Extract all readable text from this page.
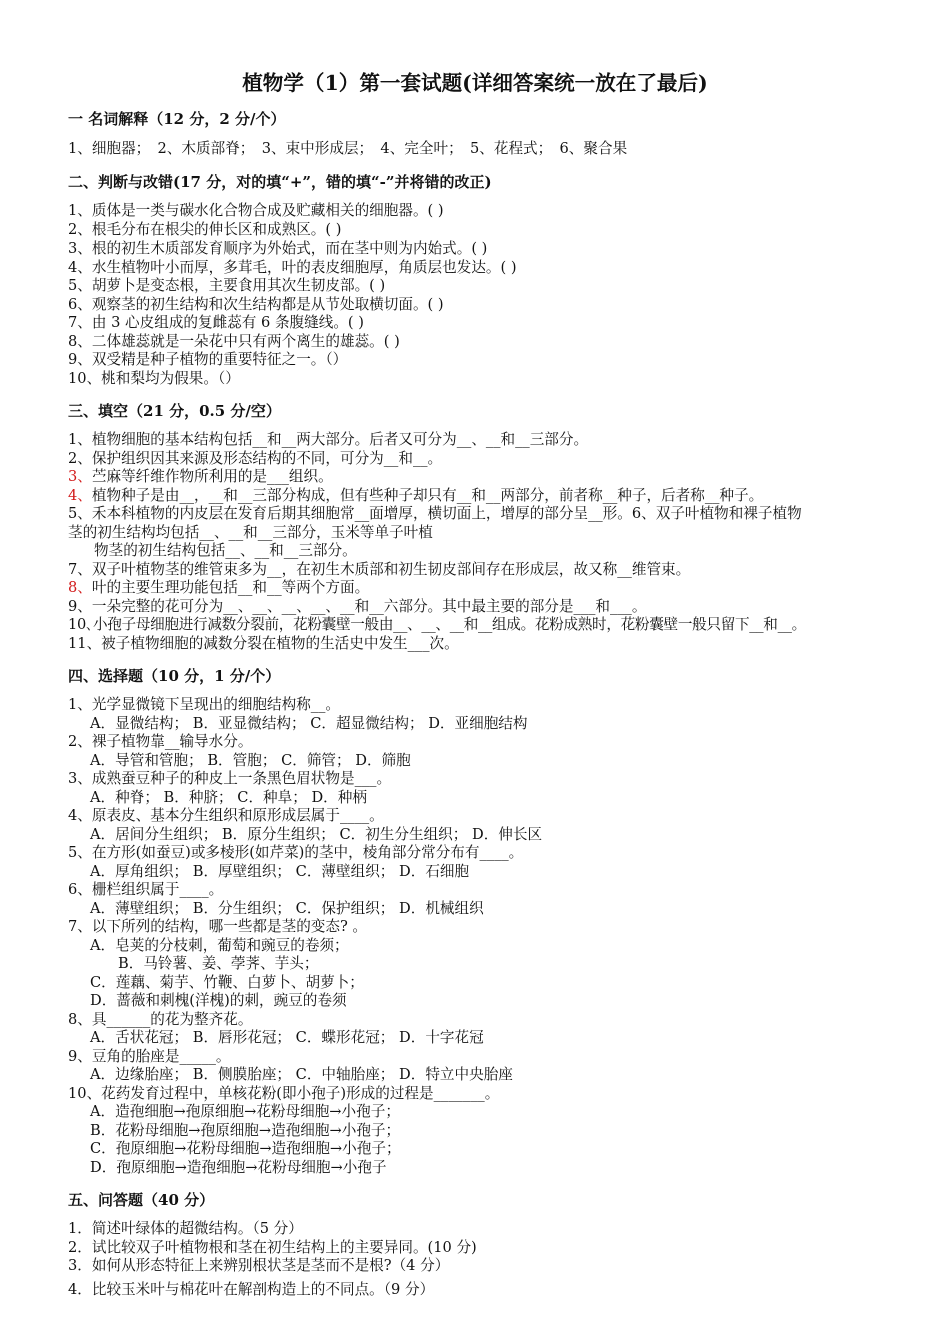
植物学（1）第一套试题(详细答案统一放在了最后)
一 名词解释（12 分，2 分/个）
1、细胞器；　2、木质部脊；　3、束中形成层；　4、完全叶；　5、花程式；　6、聚合果
二、判断与改错(17 分，对的填“+”，错的填“-”并将错的改正)
1、质体是一类与碳水化合物合成及贮藏相关的细胞器。( )
2、根毛分布在根尖的伸长区和成熟区。( )
3、根的初生木质部发育顺序为外始式，而在茎中则为内始式。( )
4、水生植物叶小而厚，多茸毛，叶的表皮细胞厚，角质层也发达。( )
5、胡萝卜是变态根，主要食用其次生韧皮部。( )
6、观察茎的初生结构和次生结构都是从节处取横切面。( )
7、由 3 心皮组成的复雌蕊有 6 条腹缝线。( )
8、二体雄蕊就是一朵花中只有两个离生的雄蕊。( )
9、双受精是种子植物的重要特征之一。（）
10、桃和梨均为假果。（）
三、填空（21 分，0.5 分/空）
1、植物细胞的基本结构包括__和__两大部分。后者又可分为__、__和__三部分。
2、保护组织因其来源及形态结构的不同，可分为__和__。
3、苎麻等纤维作物所利用的是___组织。
4、植物种子是由__，__和__三部分构成，但有些种子却只有__和__两部分，前者称__种子，后者称__种子。
5、禾本科植物的内皮层在发育后期其细胞常__面增厚，横切面上，增厚的部分呈__形。6、双子叶植物和裸子植物
茎的初生结构均包括__、__和__三部分，玉米等单子叶植
物茎的初生结构包括__、__和__三部分。
7、双子叶植物茎的维管束多为__，在初生木质部和初生韧皮部间存在形成层，故又称__维管束。
8、叶的主要生理功能包括__和__等两个方面。
9、一朵完整的花可分为__、__、__、__、__和__六部分。其中最主要的部分是___和___。
10､小孢子母细胞进行减数分裂前，花粉囊壁一般由__、__、__和__组成。花粉成熟时，花粉囊壁一般只留下__和__。
11、被子植物细胞的减数分裂在植物的生活史中发生___次。
四、选择题（10 分，1 分/个）
1、光学显微镜下呈现出的细胞结构称__。
A．显微结构； B．亚显微结构； C．超显微结构； D．亚细胞结构
2、裸子植物靠__输导水分。
A．导管和管胞； B．管胞； C．筛管； D．筛胞
3、成熟蚕豆种子的种皮上一条黑色眉状物是___。
A．种脊； B．种脐； C．种阜； D．种柄
4、原表皮、基本分生组织和原形成层属于____。
A．居间分生组织； B．原分生组织； C．初生分生组织； D．伸长区
5、在方形(如蚕豆)或多棱形(如芹菜)的茎中，棱角部分常分布有____。
A．厚角组织； B．厚壁组织； C．薄壁组织； D．石细胞
6、栅栏组织属于____。
A．薄壁组织； B．分生组织； C．保护组织； D．机械组织
7、以下所列的结构，哪一些都是茎的变态? 。
A．皂荚的分枝刺，葡萄和豌豆的卷须；
B．马铃薯、姜、荸荠、芋头；
C．莲藕、菊芋、竹鞭、白萝卜、胡萝卜；
D．蔷薇和刺槐(洋槐)的刺，豌豆的卷须
8、具______的花为整齐花。
A．舌状花冠； B．唇形花冠； C．蝶形花冠； D．十字花冠
9、豆角的胎座是_____。
A．边缘胎座； B．侧膜胎座； C．中轴胎座； D．特立中央胎座
10、花药发育过程中，单核花粉(即小孢子)形成的过程是_______。
A．造孢细胞→孢原细胞→花粉母细胞→小孢子；
B．花粉母细胞→孢原细胞→造孢细胞→小孢子；
C．孢原细胞→花粉母细胞→造孢细胞→小孢子；
D．孢原细胞→造孢细胞→花粉母细胞→小孢子
五、问答题（40 分）
1．简述叶绿体的超微结构。（5 分）
2．试比较双子叶植物根和茎在初生结构上的主要异同。(10 分)
3．如何从形态特征上来辨别根状茎是茎而不是根?（4 分）
4．比较玉米叶与棉花叶在解剖构造上的不同点。（9 分）
